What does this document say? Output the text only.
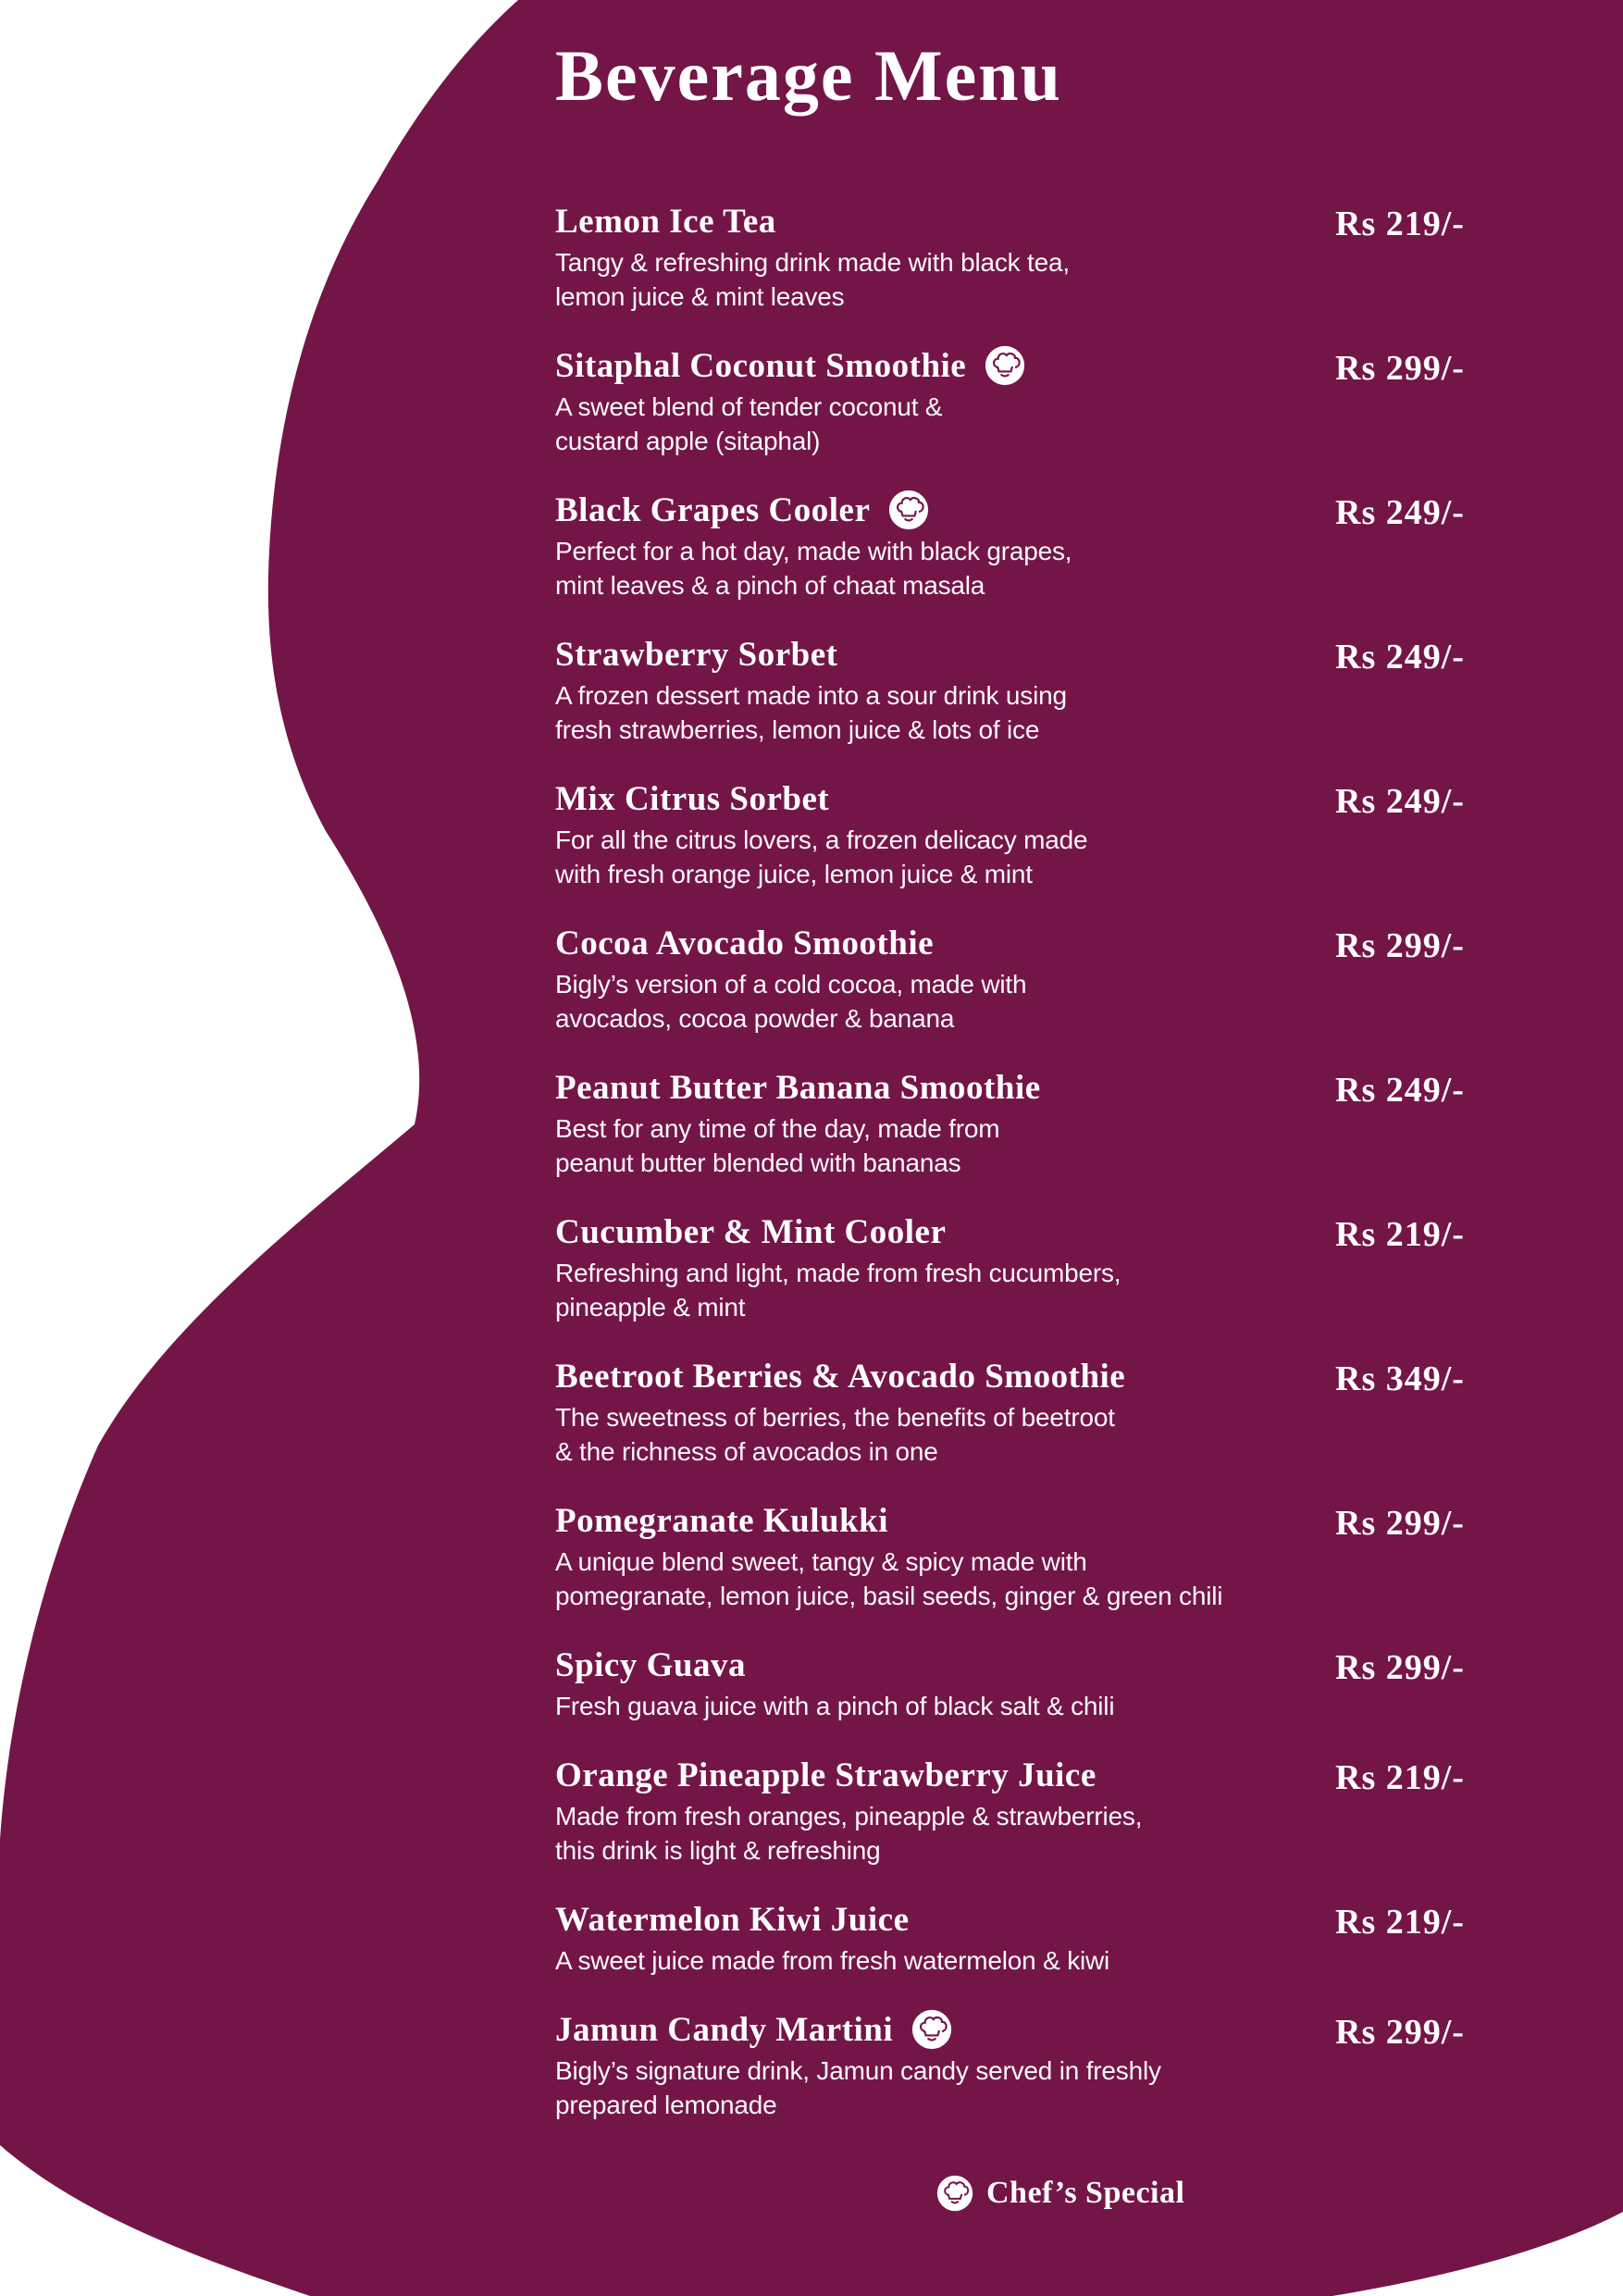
Beverage Menu
Lemon Ice Tea
Tangy & refreshing drink made with black tea,
lemon juice & mint leaves
Rs 219/-
Sitaphal Coconut Smoothie
A sweet blend of tender coconut &
custard apple (sitaphal)
Rs 299/-
Black Grapes Cooler
Perfect for a hot day, made with black grapes,
mint leaves & a pinch of chaat masala
Rs 249/-
Strawberry Sorbet
A frozen dessert made into a sour drink using
fresh strawberries, lemon juice & lots of ice
Rs 249/-
Mix Citrus Sorbet
For all the citrus lovers, a frozen delicacy made
with fresh orange juice, lemon juice & mint
Rs 249/-
Cocoa Avocado Smoothie
Bigly’s version of a cold cocoa, made with
avocados, cocoa powder & banana
Rs 299/-
Peanut Butter Banana Smoothie
Best for any time of the day, made from
peanut butter blended with bananas
Rs 249/-
Cucumber & Mint Cooler
Refreshing and light, made from fresh cucumbers,
pineapple & mint
Rs 219/-
Beetroot Berries & Avocado Smoothie
The sweetness of berries, the benefits of beetroot
& the richness of avocados in one
Rs 349/-
Pomegranate Kulukki
A unique blend sweet, tangy & spicy made with
pomegranate, lemon juice, basil seeds, ginger & green chili
Rs 299/-
Spicy Guava
Fresh guava juice with a pinch of black salt & chili
Rs 299/-
Orange Pineapple Strawberry Juice
Made from fresh oranges, pineapple & strawberries,
this drink is light & refreshing
Rs 219/-
Watermelon Kiwi Juice
A sweet juice made from fresh watermelon & kiwi
Rs 219/-
Jamun Candy Martini
Bigly’s signature drink, Jamun candy served in freshly
prepared lemonade
Rs 299/-
Chef’s Special
